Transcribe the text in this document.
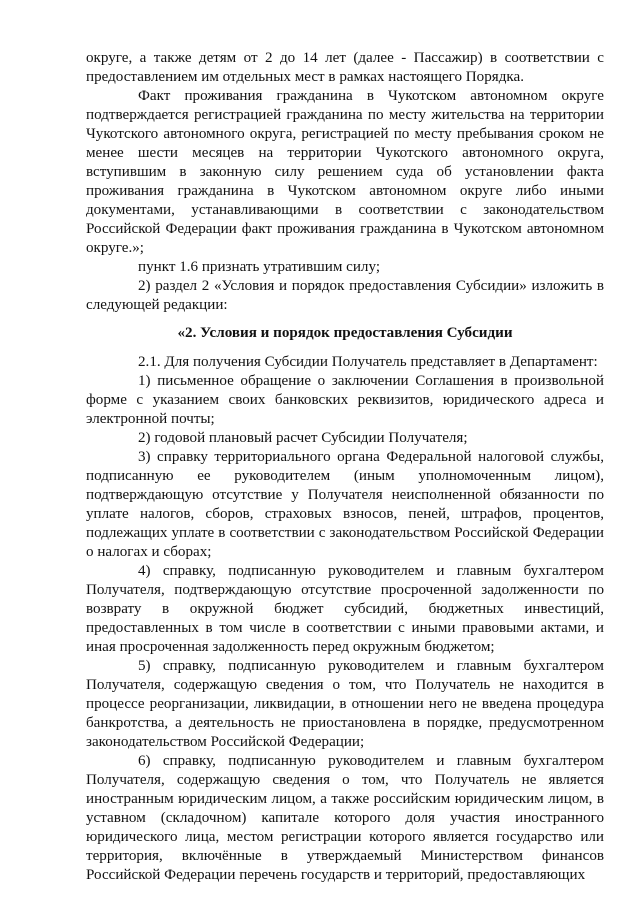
округе, а также детям от 2 до 14 лет (далее - Пассажир) в соответствии с предоставлением им отдельных мест в рамках настоящего Порядка.

Факт проживания гражданина в Чукотском автономном округе подтверждается регистрацией гражданина по месту жительства на территории Чукотского автономного округа, регистрацией по месту пребывания сроком не менее шести месяцев на территории Чукотского автономного округа, вступившим в законную силу решением суда об установлении факта проживания гражданина в Чукотском автономном округе либо иными документами, устанавливающими в соответствии с законодательством Российской Федерации факт проживания гражданина в Чукотском автономном округе.»;

пункт 1.6 признать утратившим силу;

2) раздел 2 «Условия и порядок предоставления Субсидии» изложить в следующей редакции:

«2. Условия и порядок предоставления Субсидии

2.1. Для получения Субсидии Получатель представляет в Департамент:

1) письменное обращение о заключении Соглашения в произвольной форме с указанием своих банковских реквизитов, юридического адреса и электронной почты;

2) годовой плановый расчет Субсидии Получателя;

3) справку территориального органа Федеральной налоговой службы, подписанную ее руководителем (иным уполномоченным лицом), подтверждающую отсутствие у Получателя неисполненной обязанности по уплате налогов, сборов, страховых взносов, пеней, штрафов, процентов, подлежащих уплате в соответствии с законодательством Российской Федерации о налогах и сборах;

4) справку, подписанную руководителем и главным бухгалтером Получателя, подтверждающую отсутствие просроченной задолженности по возврату в окружной бюджет субсидий, бюджетных инвестиций, предоставленных в том числе в соответствии с иными правовыми актами, и иная просроченная задолженность перед окружным бюджетом;

5) справку, подписанную руководителем и главным бухгалтером Получателя, содержащую сведения о том, что Получатель не находится в процессе реорганизации, ликвидации, в отношении него не введена процедура банкротства, а деятельность не приостановлена в порядке, предусмотренном законодательством Российской Федерации;

6) справку, подписанную руководителем и главным бухгалтером Получателя, содержащую сведения о том, что Получатель не является иностранным юридическим лицом, а также российским юридическим лицом, в уставном (складочном) капитале которого доля участия иностранного юридического лица, местом регистрации которого является государство или территория, включённые в утверждаемый Министерством финансов Российской Федерации перечень государств и территорий, предоставляющих
